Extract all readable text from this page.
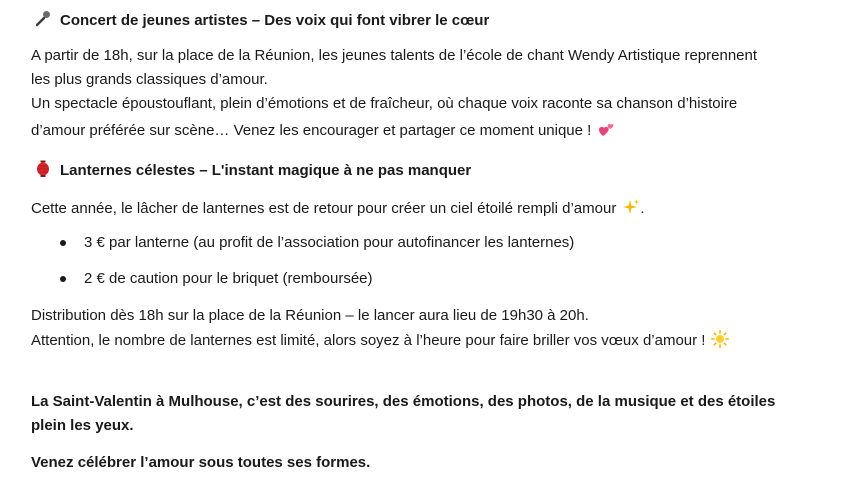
Concert de jeunes artistes – Des voix qui font vibrer le cœur
A partir de 18h, sur la place de la Réunion, les jeunes talents de l’école de chant Wendy Artistique reprennent
les plus grands classiques d’amour.
Un spectacle époustouflant, plein d’émotions et de fraîcheur, où chaque voix raconte sa chanson d’histoire
d’amour préférée sur scène… Venez les encourager et partager ce moment unique !
Lanternes célestes – L'instant magique à ne pas manquer
Cette année, le lâcher de lanternes est de retour pour créer un ciel étoilé rempli d’amour .
3 € par lanterne (au profit de l’association pour autofinancer les lanternes)
2 € de caution pour le briquet (remboursée)
Distribution dès 18h sur la place de la Réunion – le lancer aura lieu de 19h30 à 20h.
Attention, le nombre de lanternes est limité, alors soyez à l’heure pour faire briller vos vœux d’amour !
La Saint-Valentin à Mulhouse, c’est des sourires, des émotions, des photos, de la musique et des étoiles
plein les yeux.
Venez célébrer l’amour sous toutes ses formes.
